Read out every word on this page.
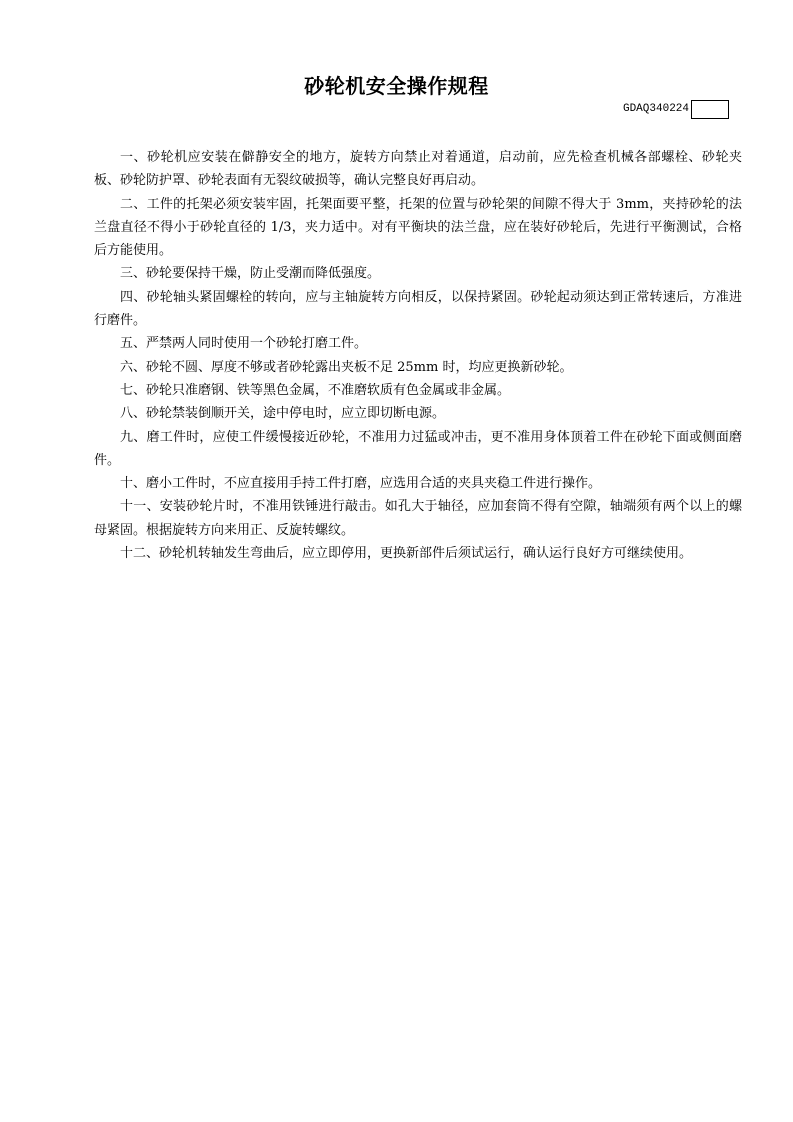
砂轮机安全操作规程
GDAQ340224

一、砂轮机应安装在僻静安全的地方，旋转方向禁止对着通道，启动前，应先检查机械各部螺栓、砂轮夹板、砂轮防护罩、砂轮表面有无裂纹破损等，确认完整良好再启动。

二、工件的托架必须安装牢固，托架面要平整，托架的位置与砂轮架的间隙不得大于 3mm，夹持砂轮的法兰盘直径不得小于砂轮直径的 1/3，夹力适中。对有平衡块的法兰盘，应在装好砂轮后，先进行平衡测试，合格后方能使用。

三、砂轮要保持干燥，防止受潮而降低强度。

四、砂轮轴头紧固螺栓的转向，应与主轴旋转方向相反，以保持紧固。砂轮起动须达到正常转速后，方准进行磨件。

五、严禁两人同时使用一个砂轮打磨工件。

六、砂轮不圆、厚度不够或者砂轮露出夹板不足 25mm 时，均应更换新砂轮。

七、砂轮只准磨钢、铁等黑色金属，不准磨软质有色金属或非金属。

八、砂轮禁装倒顺开关，途中停电时，应立即切断电源。

九、磨工件时，应使工件缓慢接近砂轮，不准用力过猛或冲击，更不准用身体顶着工件在砂轮下面或侧面磨件。

十、磨小工件时，不应直接用手持工件打磨，应选用合适的夹具夹稳工件进行操作。

十一、安装砂轮片时，不准用铁锤进行敲击。如孔大于轴径，应加套筒不得有空隙，轴端须有两个以上的螺母紧固。根据旋转方向来用正、反旋转螺纹。

十二、砂轮机转轴发生弯曲后，应立即停用，更换新部件后须试运行，确认运行良好方可继续使用。
